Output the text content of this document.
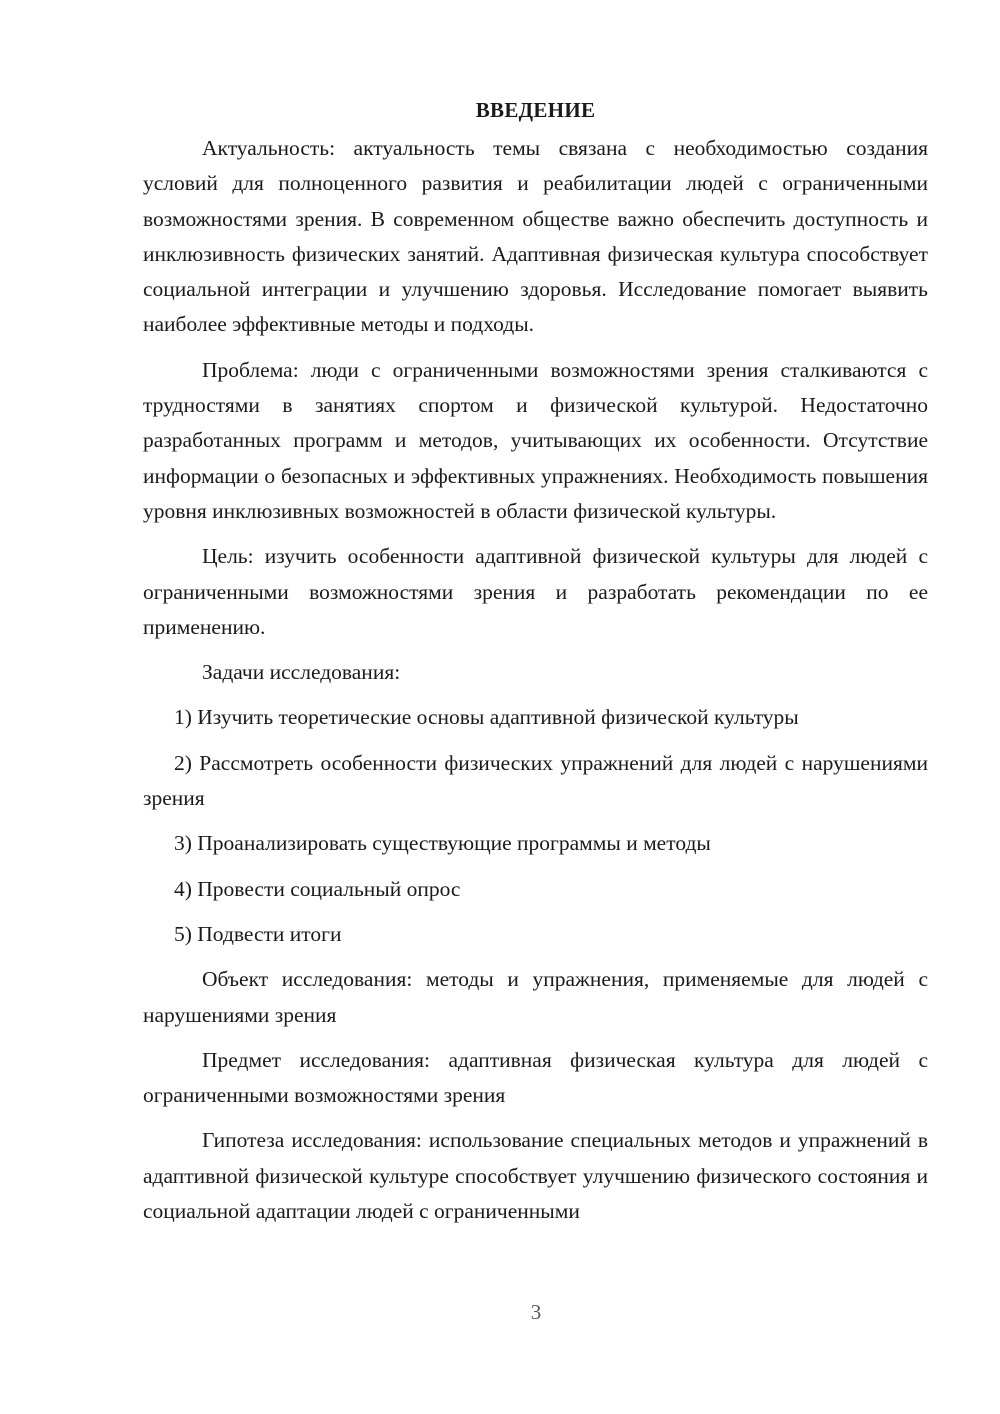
ВВЕДЕНИЕ

Актуальность: актуальность темы связана с необходимостью создания условий для полноценного развития и реабилитации людей с ограниченными возможностями зрения. В современном обществе важно обеспечить доступность и инклюзивность физических занятий. Адаптивная физическая культура способствует социальной интеграции и улучшению здоровья. Исследование помогает выявить наиболее эффективные методы и подходы.

Проблема: люди с ограниченными возможностями зрения сталкиваются с трудностями в занятиях спортом и физической культурой. Недостаточно разработанных программ и методов, учитывающих их особенности. Отсутствие информации о безопасных и эффективных упражнениях. Необходимость повышения уровня инклюзивных возможностей в области физической культуры.

Цель: изучить особенности адаптивной физической культуры для людей с ограниченными возможностями зрения и разработать рекомендации по ее применению.

Задачи исследования:

1) Изучить теоретические основы адаптивной физической культуры

2) Рассмотреть особенности физических упражнений для людей с нарушениями зрения

3) Проанализировать существующие программы и методы

4) Провести социальный опрос

5) Подвести итоги

Объект исследования: методы и упражнения, применяемые для людей с нарушениями зрения

Предмет исследования: адаптивная физическая культура для людей с ограниченными возможностями зрения

Гипотеза исследования: использование специальных методов и упражнений в адаптивной физической культуре способствует улучшению физического состояния и социальной адаптации людей с ограниченными

3
